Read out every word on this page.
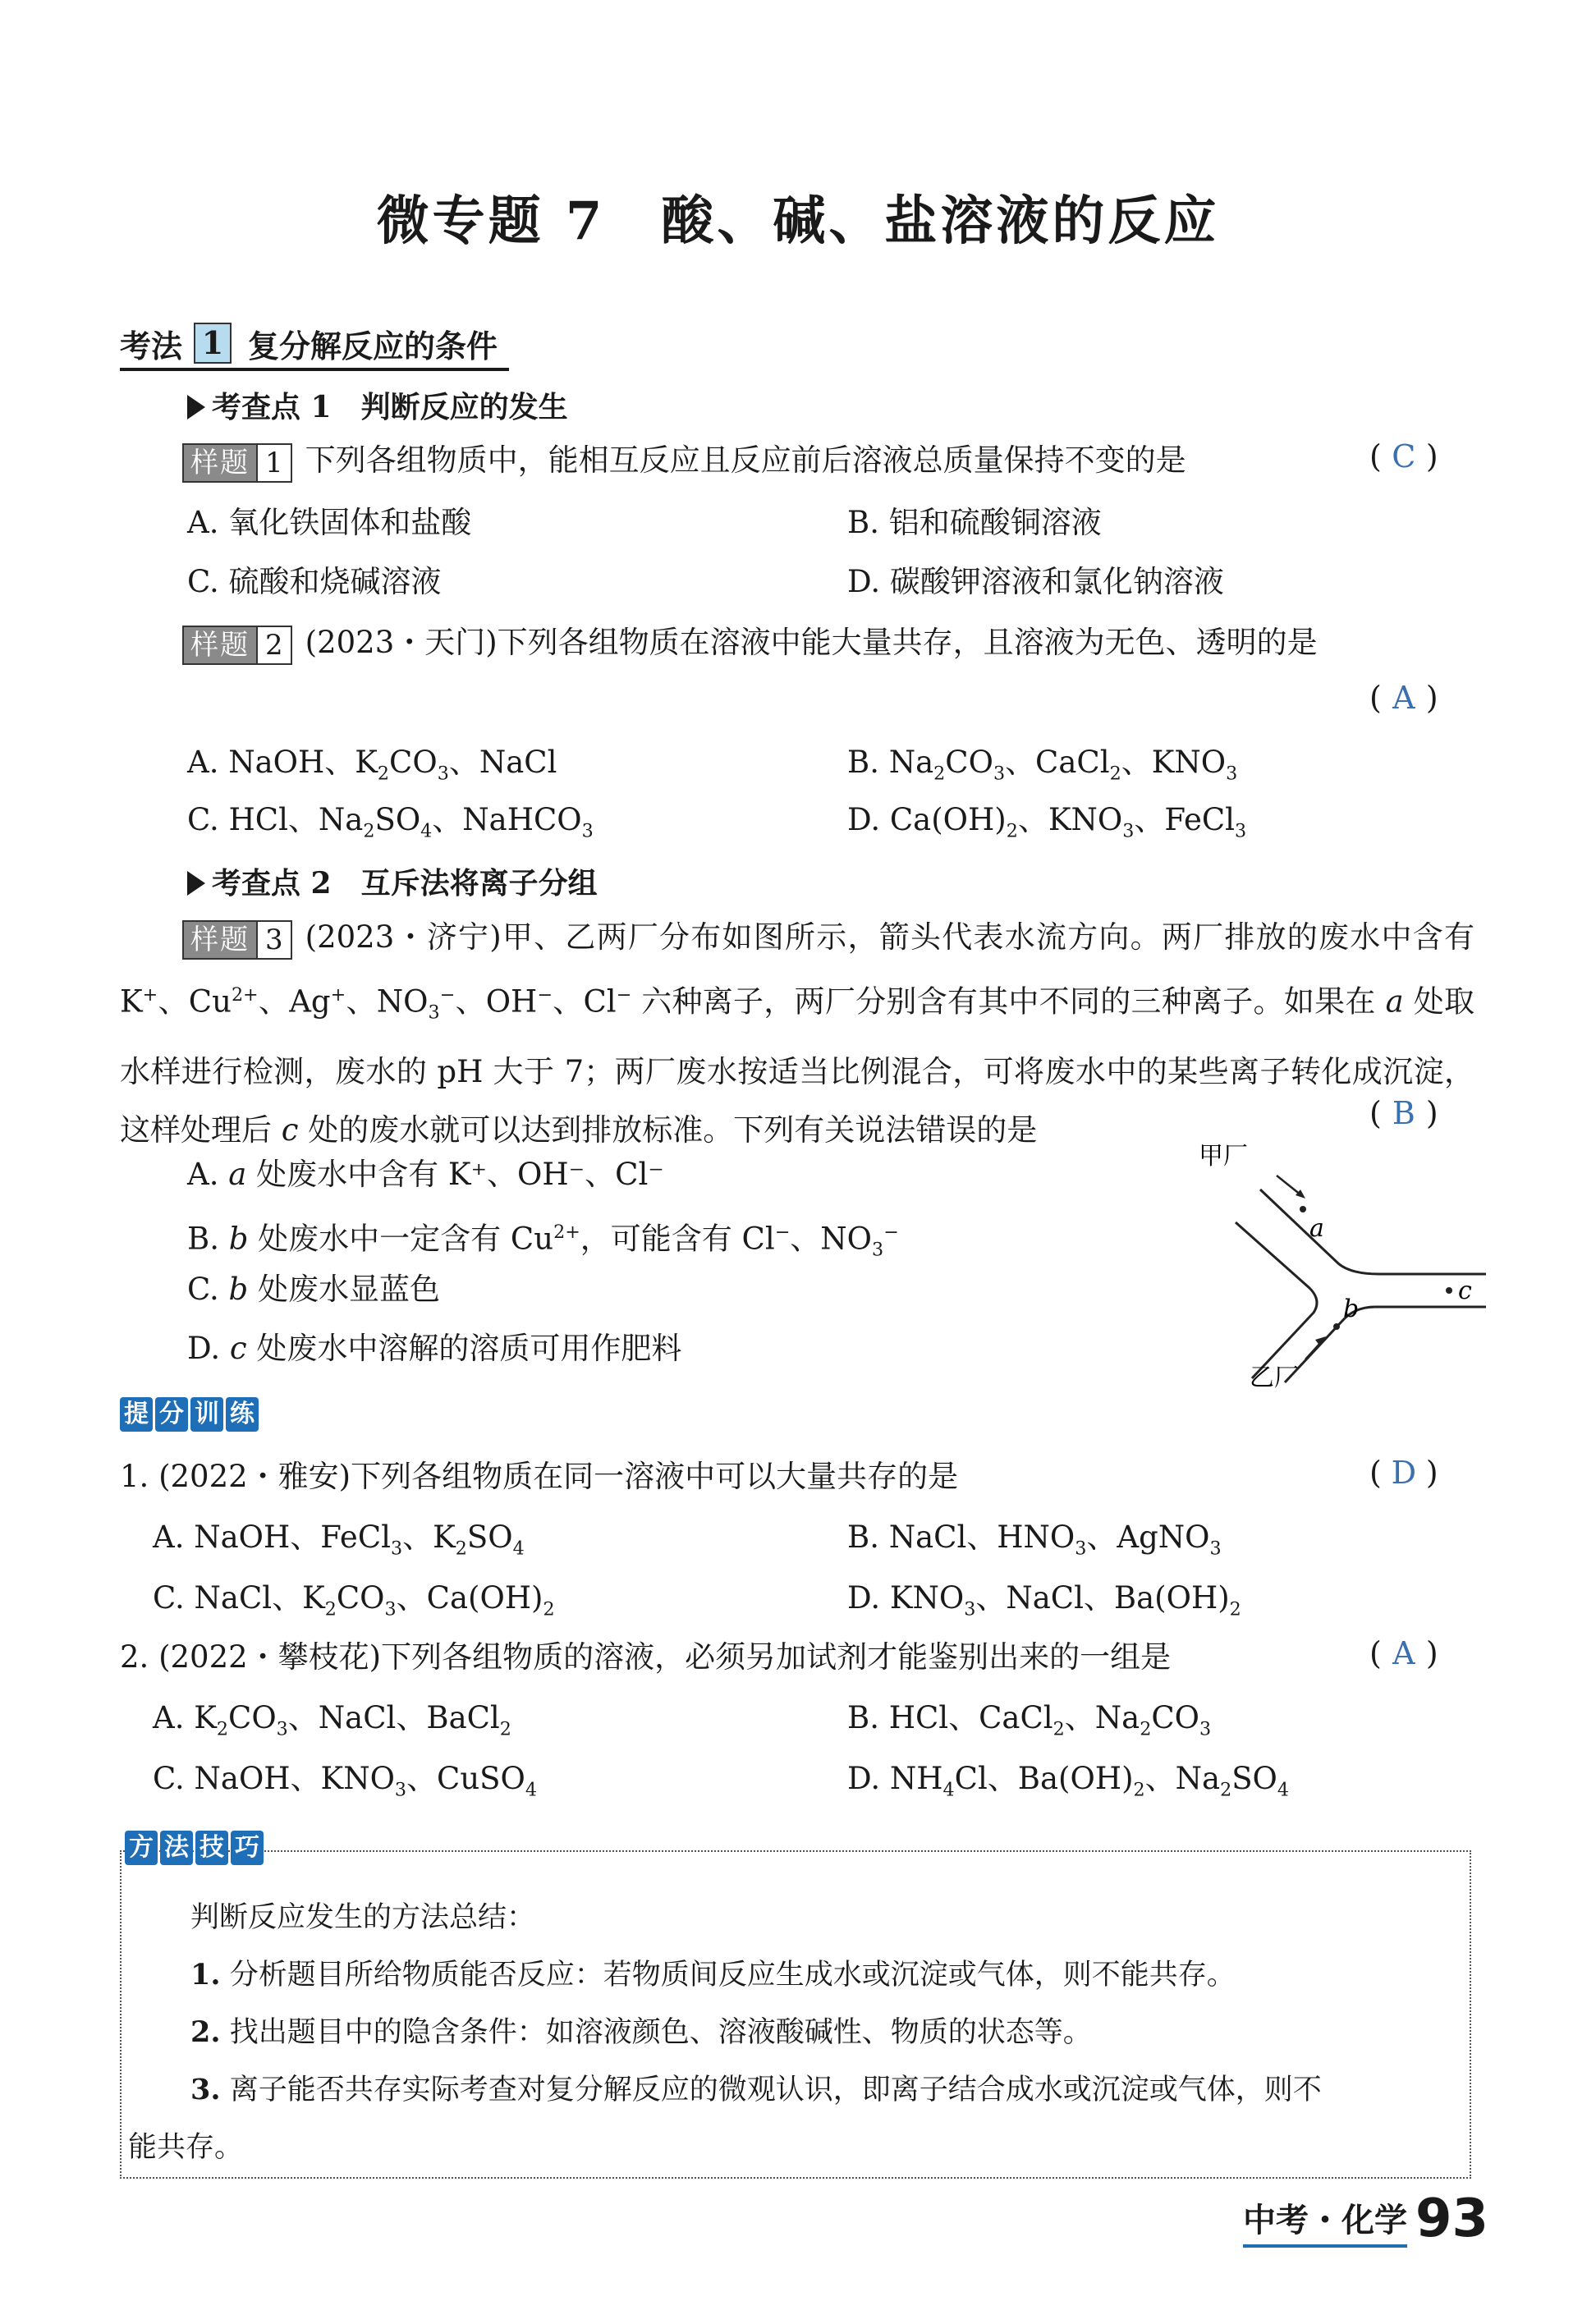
微专题 7　酸、碱、盐溶液的反应
考法 1 复分解反应的条件
考查点 1　判断反应的发生
样题 1 下列各组物质中，能相互反应且反应前后溶液总质量保持不变的是	( C )
A. 氧化铁固体和盐酸	B. 铝和硫酸铜溶液
C. 硫酸和烧碱溶液	D. 碳酸钾溶液和氯化钠溶液
样题 2 (2023・天门)下列各组物质在溶液中能大量共存，且溶液为无色、透明的是
( A )
A. NaOH、$K_2CO_3$、NaCl	B. $Na_2CO_3$、CaCl$_2$、$KNO_3$
C. HCl、$Na_2SO_4$、NaHCO$_3$	D. $Ca(OH)_2$、$KNO_3$、FeCl$_3$
考查点 2　互斥法将离子分组
样题 3 (2023・济宁)甲、乙两厂分布如图所示，箭头代表水流方向。两厂排放的废水中含有 K+、$Cu^{2+}$、Ag+、$NO_3^-$、OH−、Cl− 六种离子，两厂分别含有其中不同的三种离子。如果在 a 处取水样进行检测，废水的 pH 大于 7；两厂废水按适当比例混合，可将废水中的某些离子转化成沉淀，这样处理后 c 处的废水就可以达到排放标准。下列有关说法错误的是	( B )
A. a 处废水中含有 K⁺、OH⁻、Cl⁻
B. b 处废水中一定含有 $Cu^{2+}$，可能含有 Cl−、$NO_3^-$
C. b 处废水显蓝色
D. c 处废水中溶解的溶质可用作肥料
甲厂
a
c
b
乙厂
提 分 训 练
1. (2022・雅安)下列各组物质在同一溶液中可以大量共存的是	( D )
A. NaOH、FeCl$_3$、$K_2SO_4$	B. NaCl、$HNO_3$、AgNO$_3$
C. NaCl、$K_2CO_3$、$Ca(OH)_2$	D. $KNO_3$、NaCl、$Ba(OH)_2$
2. (2022・攀枝花)下列各组物质的溶液，必须另加试剂才能鉴别出来的一组是	( A )
A. $K_2CO_3$、NaCl、BaCl$_2$	B. HCl、CaCl$_2$、$Na_2CO_3$
C. NaOH、$KNO_3$、CuSO$_4$	D. $NH_4Cl$、$Ba(OH)_2$、$Na_2SO_4$
方 法 技 巧
判断反应发生的方法总结：
1. 分析题目所给物质能否反应：若物质间反应生成水或沉淀或气体，则不能共存。
2. 找出题目中的隐含条件：如溶液颜色、溶液酸碱性、物质的状态等。
3. 离子能否共存实际考查对复分解反应的微观认识，即离子结合成水或沉淀或气体，则不
能共存。
中考・化学 93
